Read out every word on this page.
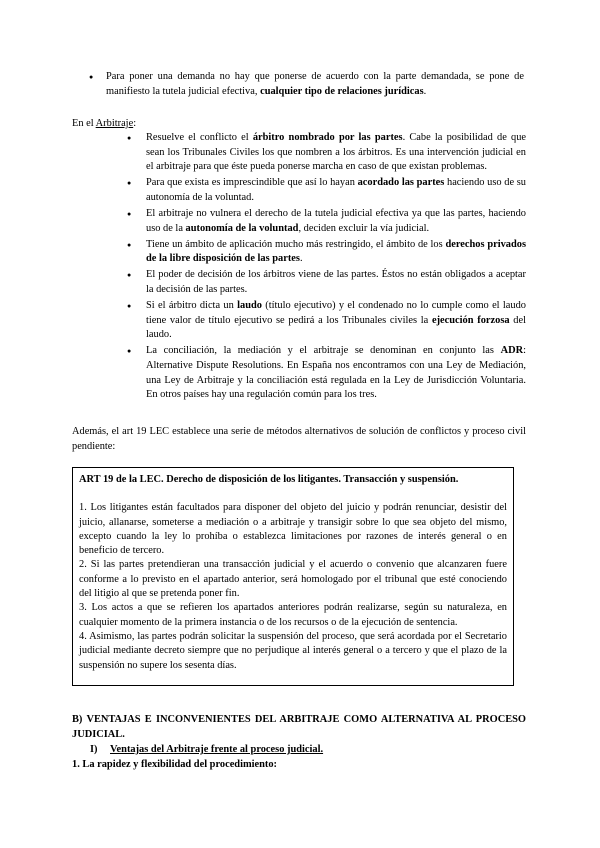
● Para poner una demanda no hay que ponerse de acuerdo con la parte demandada, se pone de manifiesto la tutela judicial efectiva, cualquier tipo de relaciones jurídicas.

En el Arbitraje:

● Resuelve el conflicto el árbitro nombrado por las partes. Cabe la posibilidad de que sean los Tribunales Civiles los que nombren a los árbitros. Es una intervención judicial en el arbitraje para que éste pueda ponerse marcha en caso de que existan problemas.
● Para que exista es imprescindible que así lo hayan acordado las partes haciendo uso de su autonomía de la voluntad.
● El arbitraje no vulnera el derecho de la tutela judicial efectiva ya que las partes, haciendo uso de la autonomía de la voluntad, deciden excluir la vía judicial.
● Tiene un ámbito de aplicación mucho más restringido, el ámbito de los derechos privados de la libre disposición de las partes.
● El poder de decisión de los árbitros viene de las partes. Éstos no están obligados a aceptar la decisión de las partes.
● Si el árbitro dicta un laudo (título ejecutivo) y el condenado no lo cumple como el laudo tiene valor de título ejecutivo se pedirá a los Tribunales civiles la ejecución forzosa del laudo.
● La conciliación, la mediación y el arbitraje se denominan en conjunto las ADR: Alternative Dispute Resolutions. En España nos encontramos con una Ley de Mediación, una Ley de Arbitraje y la conciliación está regulada en la Ley de Jurisdicción Voluntaria. En otros países hay una regulación común para los tres.

Además, el art 19 LEC establece una serie de métodos alternativos de solución de conflictos y proceso civil pendiente:

ART 19 de la LEC. Derecho de disposición de los litigantes. Transacción y suspensión.

1. Los litigantes están facultados para disponer del objeto del juicio y podrán renunciar, desistir del juicio, allanarse, someterse a mediación o a arbitraje y transigir sobre lo que sea objeto del mismo, excepto cuando la ley lo prohíba o establezca limitaciones por razones de interés general o en beneficio de tercero.

2. Si las partes pretendieran una transacción judicial y el acuerdo o convenio que alcanzaren fuere conforme a lo previsto en el apartado anterior, será homologado por el tribunal que esté conociendo del litigio al que se pretenda poner fin.

3. Los actos a que se refieren los apartados anteriores podrán realizarse, según su naturaleza, en cualquier momento de la primera instancia o de los recursos o de la ejecución de sentencia.

4. Asimismo, las partes podrán solicitar la suspensión del proceso, que será acordada por el Secretario judicial mediante decreto siempre que no perjudique al interés general o a tercero y que el plazo de la suspensión no supere los sesenta días.

B) VENTAJAS E INCONVENIENTES DEL ARBITRAJE COMO ALTERNATIVA AL PROCESO JUDICIAL.

I) Ventajas del Arbitraje frente al proceso judicial.

1. La rapidez y flexibilidad del procedimiento:
